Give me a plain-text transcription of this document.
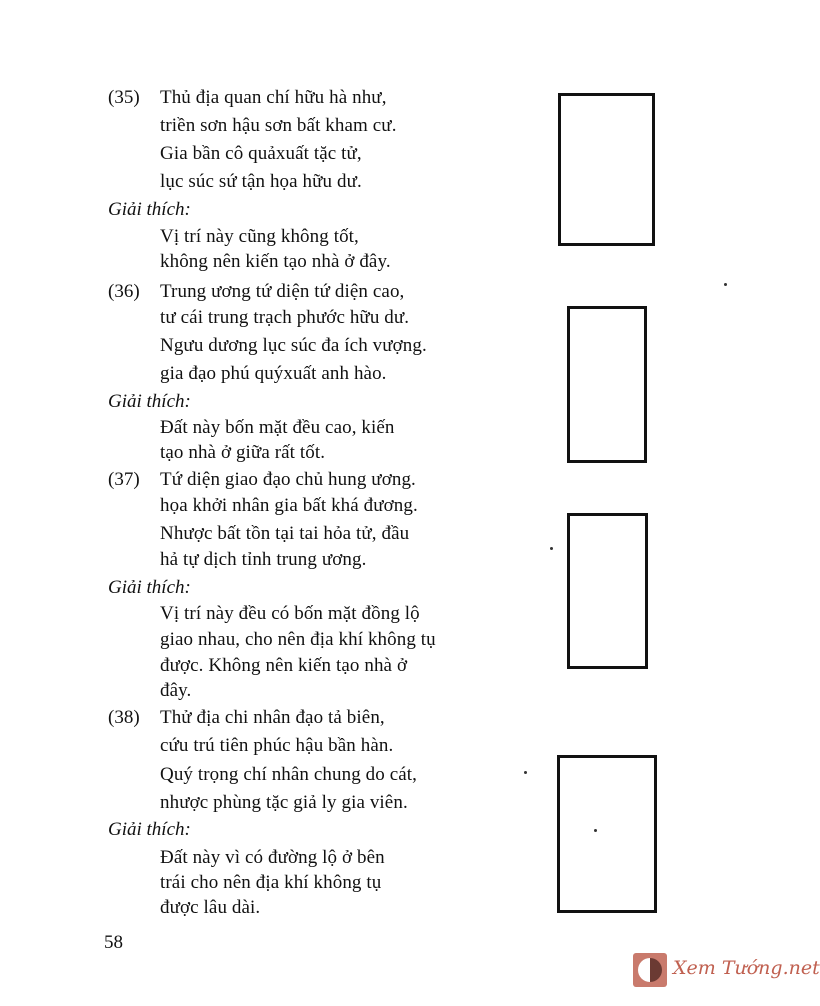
(35) Thủ địa quan chí hữu hà như,
triền sơn hậu sơn bất kham cư.
Gia bần cô quảxuất tặc tử,
lục súc sứ tận họa hữu dư.
Giải thích:
Vị trí này cũng không tốt,
không nên kiến tạo nhà ở đây.
(36) Trung ương tứ diện tứ diện cao,
tư cái trung trạch phước hữu dư.
Ngưu dương lục súc đa ích vượng.
gia đạo phú quýxuất anh hào.
Giải thích:
Đất này bốn mặt đều cao, kiến
tạo nhà ở giữa rất tốt.
(37) Tứ diện giao đạo chủ hung ương.
họa khởi nhân gia bất khá đương.
Nhược bất tồn tại tai hỏa tử, đầu
hả tự dịch tỉnh trung ương.
Giải thích:
Vị trí này đều có bốn mặt đồng lộ
giao nhau, cho nên địa khí không tụ
được. Không nên kiến tạo nhà ở
đây.
(38) Thử địa chi nhân đạo tả biên,
cứu trú tiên phúc hậu bần hàn.
Quý trọng chí nhân chung do cát,
nhược phùng tặc giả ly gia viên.
Giải thích:
Đất này vì có đường lộ ở bên
trái cho nên địa khí không tụ
được lâu dài.
58
Xem Tướng.net
